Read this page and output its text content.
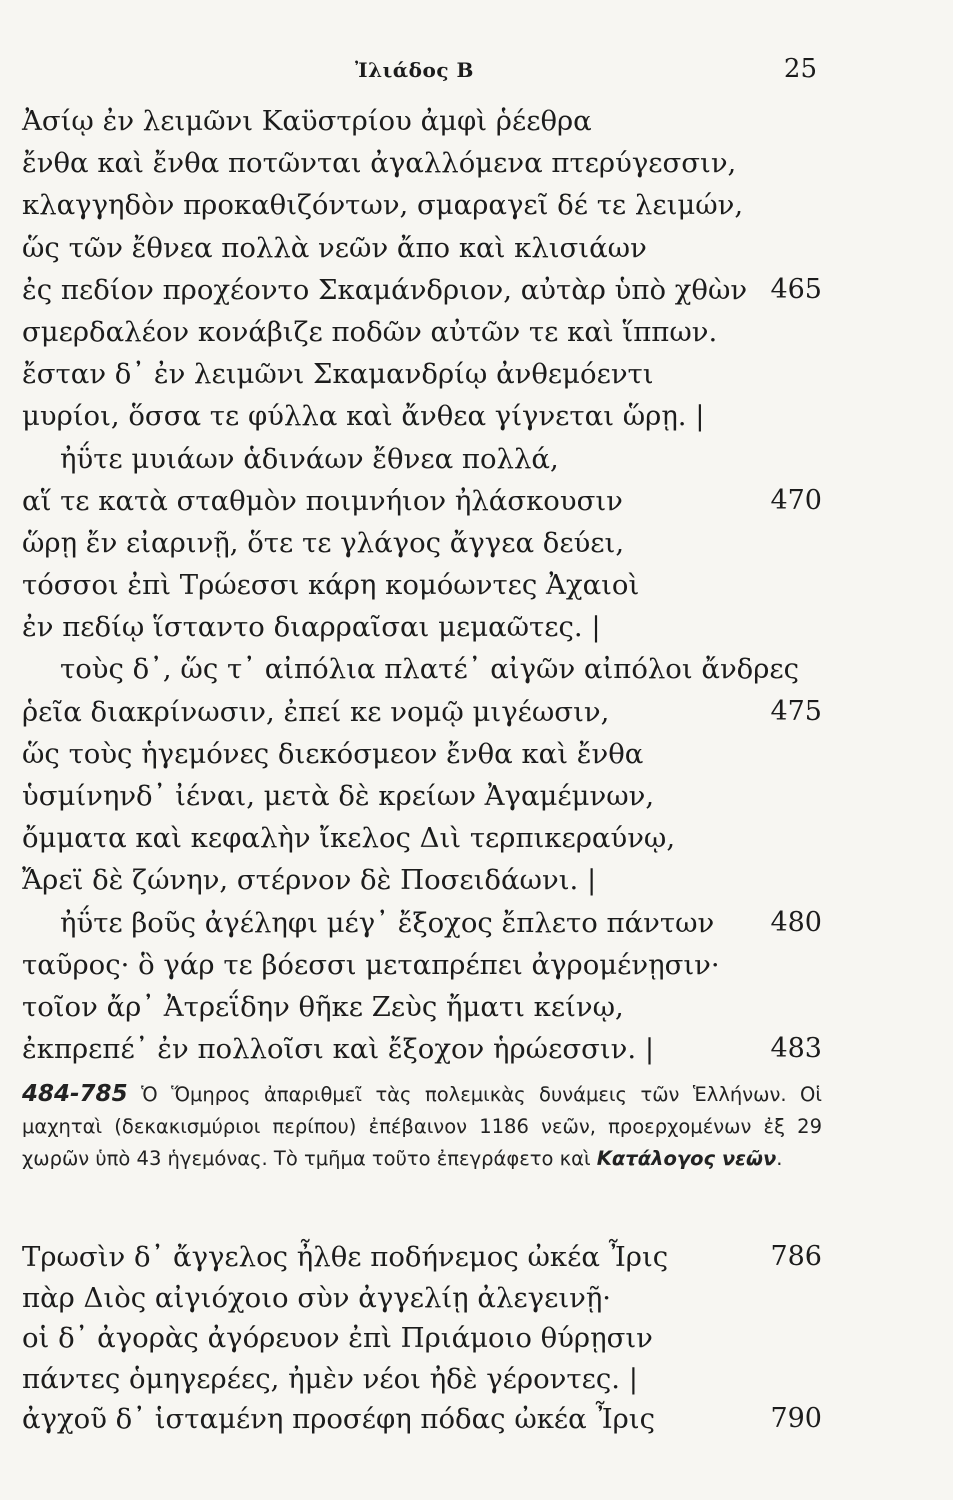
Ἰλιάδος Β	25
Ἀσίῳ ἐν λειμῶνι Καϋστρίου ἀμφὶ ῥέεθρα
ἔνθα καὶ ἔνθα ποτῶνται ἀγαλλόμενα πτερύγεσσιν,
κλαγγηδὸν προκαθιζόντων, σμαραγεῖ δέ τε λειμών,
ὥς τῶν ἔθνεα πολλὰ νεῶν ἄπο καὶ κλισιάων
ἐς πεδίον προχέοντο Σκαμάνδριον, αὐτὰρ ὑπὸ χθὼν 465
σμερδαλέον κονάβιζε ποδῶν αὐτῶν τε καὶ ἵππων.
ἔσταν δ᾽ ἐν λειμῶνι Σκαμανδρίῳ ἀνθεμόεντι
μυρίοι, ὅσσα τε φύλλα καὶ ἄνθεα γίγνεται ὥρῃ. |
ἠΰτε μυιάων ἁδινάων ἔθνεα πολλά,
αἵ τε κατὰ σταθμὸν ποιμνήιον ἠλάσκουσιν	470
ὥρῃ ἔν εἰαρινῇ, ὅτε τε γλάγος ἄγγεα δεύει,
τόσσοι ἐπὶ Τρώεσσι κάρη κομόωντες Ἀχαιοὶ
ἐν πεδίῳ ἵσταντο διαρραῖσαι μεμαῶτες. |
τοὺς δ᾽, ὥς τ᾽ αἰπόλια πλατέ᾽ αἰγῶν αἰπόλοι ἄνδρες
ῥεῖα διακρίνωσιν, ἐπεί κε νομῷ μιγέωσιν,	475
ὥς τοὺς ἡγεμόνες διεκόσμεον ἔνθα καὶ ἔνθα
ὑσμίνηνδ᾽ ἰέναι, μετὰ δὲ κρείων Ἀγαμέμνων,
ὄμματα καὶ κεφαλὴν ἴκελος Διὶ τερπικεραύνῳ,
Ἄρεϊ δὲ ζώνην, στέρνον δὲ Ποσειδάωνι. |
ἠΰτε βοῦς ἀγέληφι μέγ᾽ ἔξοχος ἔπλετο πάντων 480
ταῦρος· ὃ γάρ τε βόεσσι μεταπρέπει ἀγρομένῃσιν·
τοῖον ἄρ᾽ Ἀτρεΐδην θῆκε Ζεὺς ἤματι κείνῳ,
ἐκπρεπέ᾽ ἐν πολλοῖσι καὶ ἔξοχον ἡρώεσσιν. |	483
484-785 Ὁ Ὅμηρος ἀπαριθμεῖ τὰς πολεμικὰς δυνάμεις τῶν Ἑλλήνων. Οἱ μαχηταὶ (δεκακισμύριοι περίπου) ἐπέβαινον 1186 νεῶν, προερχομένων ἐξ 29 χωρῶν ὑπὸ 43 ἡγεμόνας. Τὸ τμῆμα τοῦτο ἐπεγράφετο καὶ Κατάλογος νεῶν.
Τρωσὶν δ᾽ ἄγγελος ἦλθε ποδήνεμος ὠκέα Ἶρις	786
πὰρ Διὸς αἰγιόχοιο σὺν ἀγγελίῃ ἀλεγεινῇ·
οἱ δ᾽ ἀγορὰς ἀγόρευον ἐπὶ Πριάμοιο θύρῃσιν
πάντες ὁμηγερέες, ἠμὲν νέοι ἠδὲ γέροντες. |
ἀγχοῦ δ᾽ ἱσταμένη προσέφη πόδας ὠκέα Ἶρις	790
